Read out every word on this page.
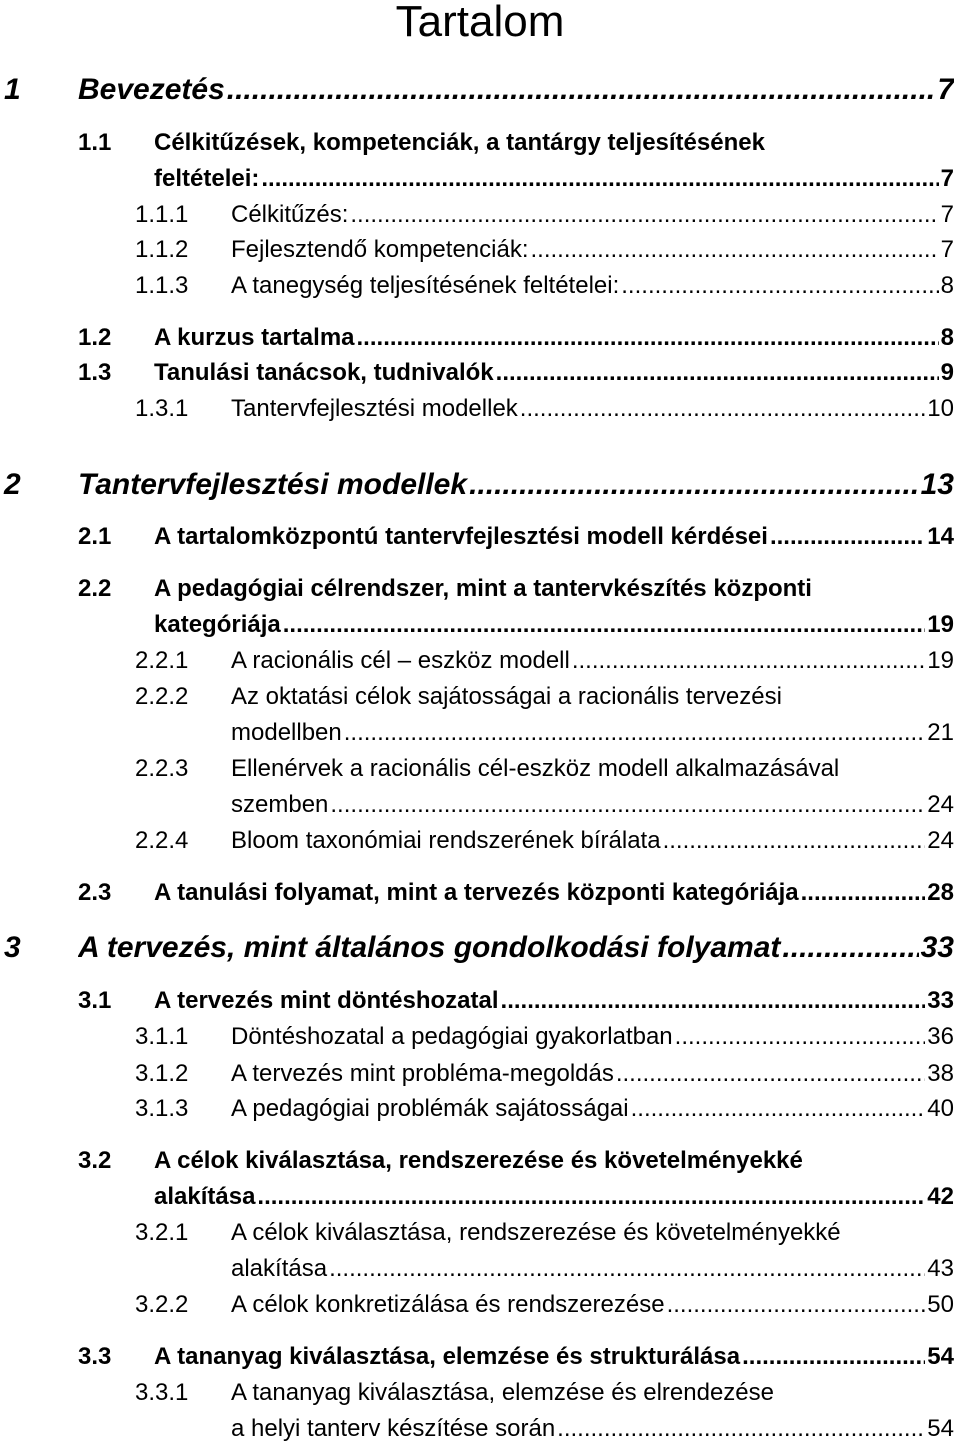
Tartalom
1 Bevezetés .....	7
1.1 Célkitűzések, kompetenciák, a tantárgy teljesítésének
feltételei: .....	7
1.1.1 Célkitűzés: .....	7
1.1.2 Fejlesztendő kompetenciák: .....	7
1.1.3 A tanegység teljesítésének feltételei: .....	8
1.2 A kurzus tartalma .....	8
1.3 Tanulási tanácsok, tudnivalók .....	9
1.3.1 Tantervfejlesztési modellek .....	10
2 Tantervfejlesztési modellek .....	13
2.1 A tartalomközpontú tantervfejlesztési modell kérdései .....	14
2.2 A pedagógiai célrendszer, mint a tantervkészítés központi
kategóriája .....	19
2.2.1 A racionális cél – eszköz modell .....	19
2.2.2 Az oktatási célok sajátosságai a racionális tervezési
modellben .....	21
2.2.3 Ellenérvek a racionális cél-eszköz modell alkalmazásával
szemben .....	24
2.2.4 Bloom taxonómiai rendszerének bírálata .....	24
2.3 A tanulási folyamat, mint a tervezés központi kategóriája .....	28
3 A tervezés, mint általános gondolkodási folyamat .....	33
3.1 A tervezés mint döntéshozatal .....	33
3.1.1 Döntéshozatal a pedagógiai gyakorlatban .....	36
3.1.2 A tervezés mint probléma-megoldás .....	38
3.1.3 A pedagógiai problémák sajátosságai .....	40
3.2 A célok kiválasztása, rendszerezése és követelményekké
alakítása .....	42
3.2.1 A célok kiválasztása, rendszerezése és követelményekké
alakítása .....	43
3.2.2 A célok konkretizálása és rendszerezése .....	50
3.3 A tananyag kiválasztása, elemzése és strukturálása .....	54
3.3.1 A tananyag kiválasztása, elemzése és elrendezése
a helyi tanterv készítése során .....	54
